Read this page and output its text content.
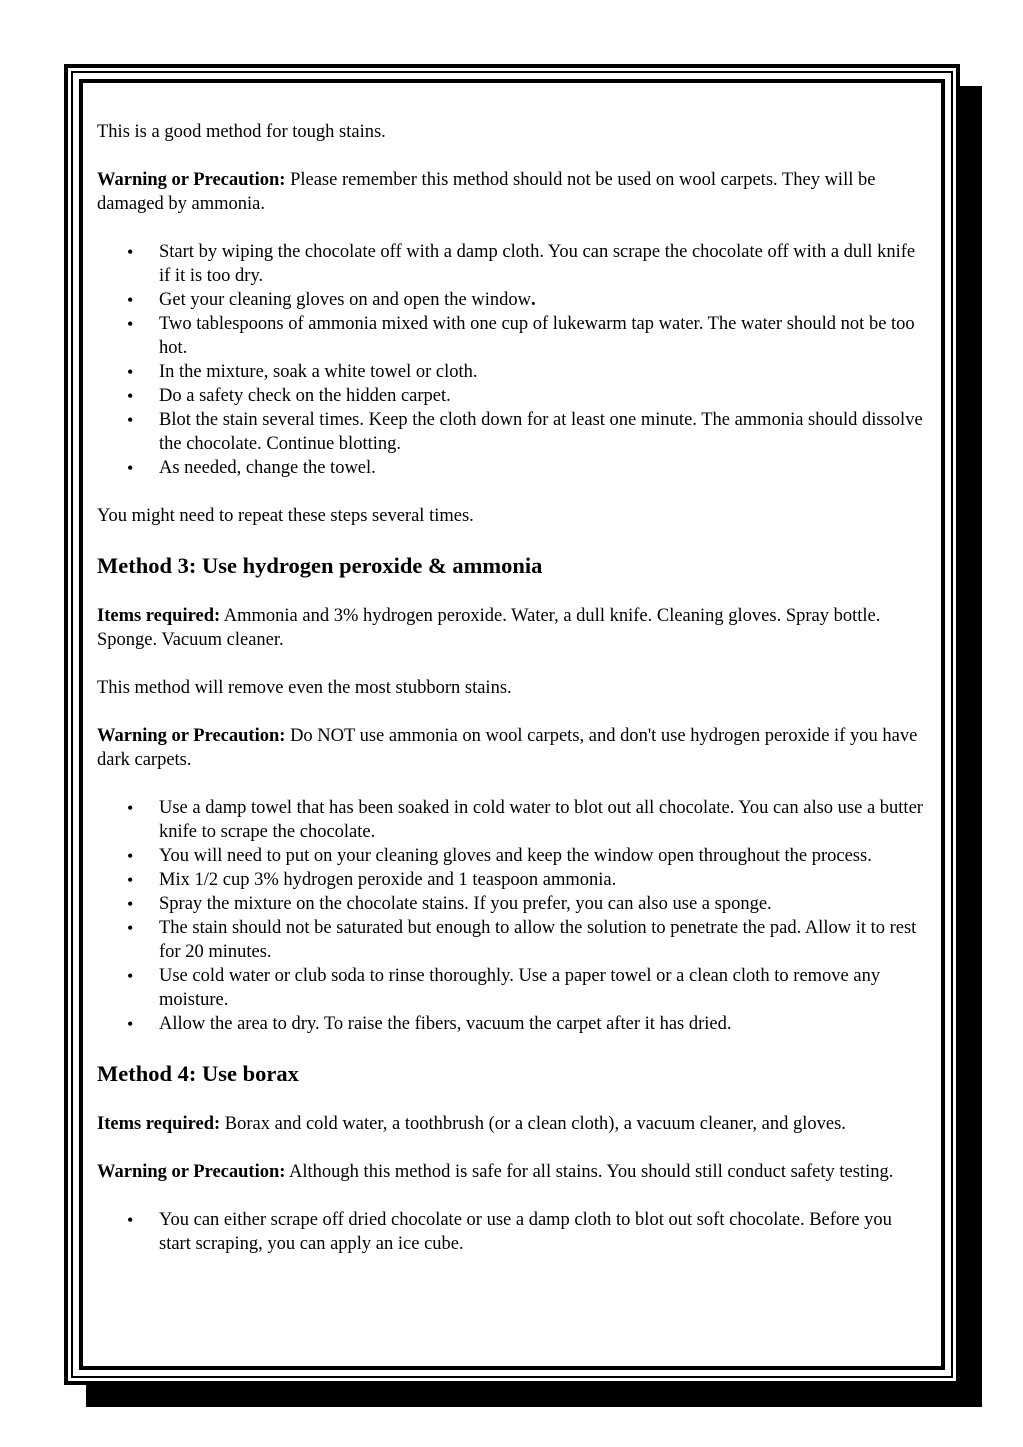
This is a good method for tough stains.

Warning or Precaution: Please remember this method should not be used on wool carpets. They will be damaged by ammonia.

• Start by wiping the chocolate off with a damp cloth. You can scrape the chocolate off with a dull knife if it is too dry.
• Get your cleaning gloves on and open the window.
• Two tablespoons of ammonia mixed with one cup of lukewarm tap water. The water should not be too hot.
• In the mixture, soak a white towel or cloth.
• Do a safety check on the hidden carpet.
• Blot the stain several times. Keep the cloth down for at least one minute. The ammonia should dissolve the chocolate. Continue blotting.
• As needed, change the towel.

You might need to repeat these steps several times.

Method 3: Use hydrogen peroxide & ammonia

Items required: Ammonia and 3% hydrogen peroxide. Water, a dull knife. Cleaning gloves. Spray bottle. Sponge. Vacuum cleaner.

This method will remove even the most stubborn stains.

Warning or Precaution: Do NOT use ammonia on wool carpets, and don't use hydrogen peroxide if you have dark carpets.

• Use a damp towel that has been soaked in cold water to blot out all chocolate. You can also use a butter knife to scrape the chocolate.
• You will need to put on your cleaning gloves and keep the window open throughout the process.
• Mix 1/2 cup 3% hydrogen peroxide and 1 teaspoon ammonia.
• Spray the mixture on the chocolate stains. If you prefer, you can also use a sponge.
• The stain should not be saturated but enough to allow the solution to penetrate the pad. Allow it to rest for 20 minutes.
• Use cold water or club soda to rinse thoroughly. Use a paper towel or a clean cloth to remove any moisture.
• Allow the area to dry. To raise the fibers, vacuum the carpet after it has dried.
Method 4: Use borax

Items required: Borax and cold water, a toothbrush (or a clean cloth), a vacuum cleaner, and gloves.

Warning or Precaution: Although this method is safe for all stains. You should still conduct safety testing.

• You can either scrape off dried chocolate or use a damp cloth to blot out soft chocolate. Before you start scraping, you can apply an ice cube.
